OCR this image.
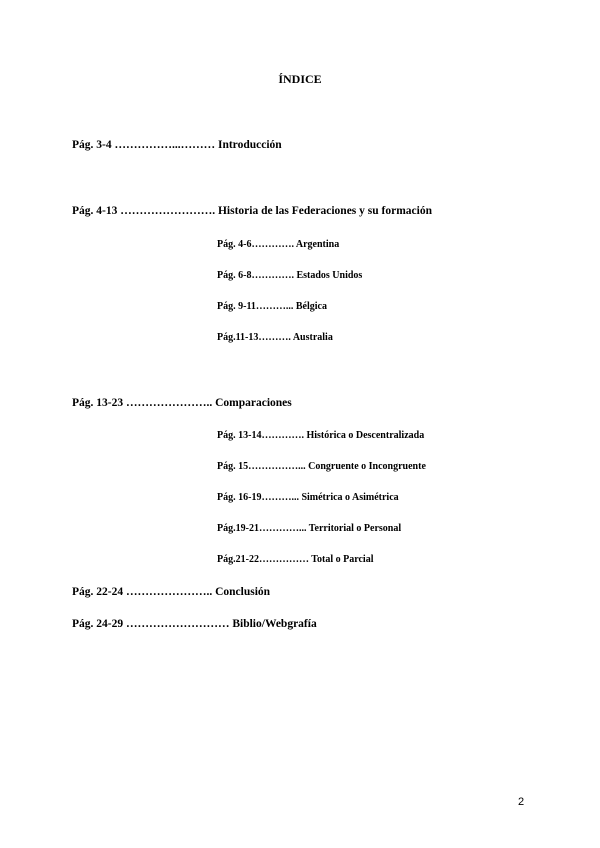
ÍNDICE
Pág. 3-4 ……………...……… Introducción
Pág. 4-13 ……………………. Historia de las Federaciones y su formación
Pág. 4-6…………. Argentina
Pág. 6-8…………. Estados Unidos
Pág. 9-11………... Bélgica
Pág.11-13………. Australia
Pág. 13-23 ………………….. Comparaciones
Pág. 13-14…………. Histórica o Descentralizada
Pág. 15……………... Congruente o Incongruente
Pág. 16-19………... Simétrica o Asimétrica
Pág.19-21…………... Territorial o Personal
Pág.21-22…………… Total o Parcial
Pág. 22-24 ………………….. Conclusión
Pág. 24-29 ……………………… Biblio/Webgrafía
2
